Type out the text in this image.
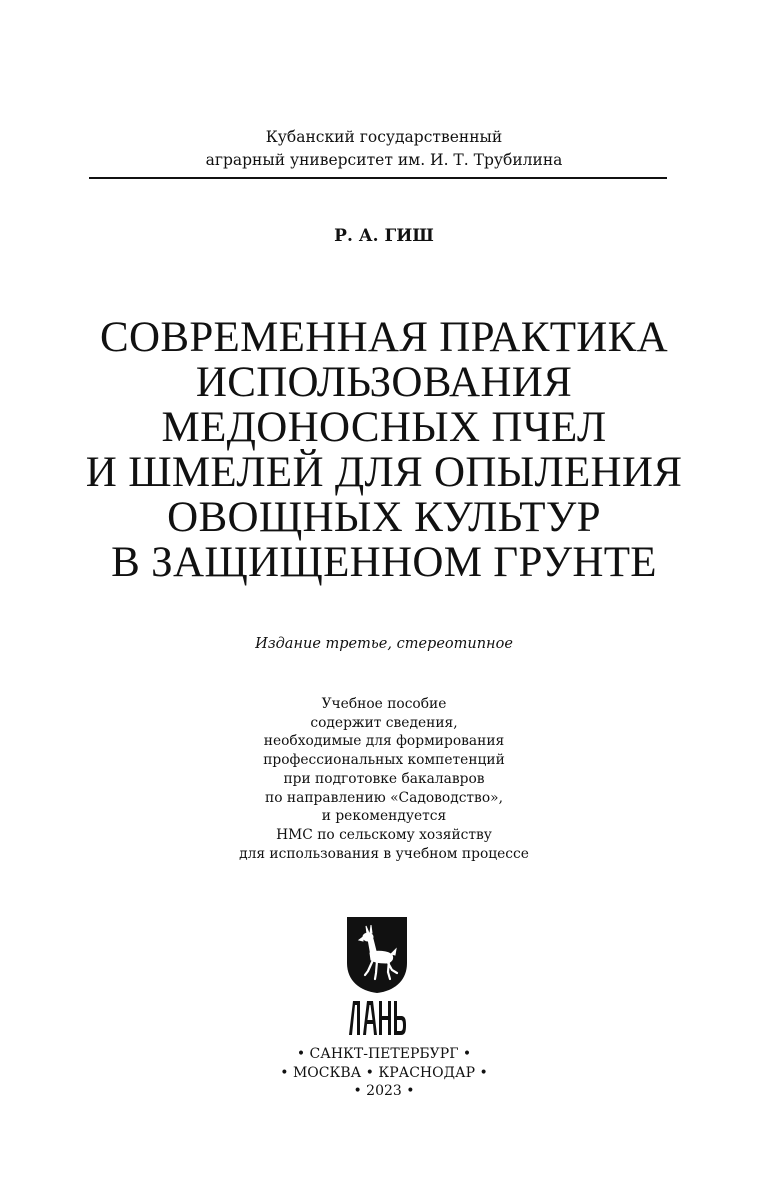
Кубанский государственный
аграрный университет им. И. Т. Трубилина
Р. А. ГИШ
СОВРЕМЕННАЯ ПРАКТИКА
ИСПОЛЬЗОВАНИЯ
МЕДОНОСНЫХ ПЧЕЛ
И ШМЕЛЕЙ ДЛЯ ОПЫЛЕНИЯ
ОВОЩНЫХ КУЛЬТУР
В ЗАЩИЩЕННОМ ГРУНТЕ
Издание третье, стереотипное
Учебное пособие
содержит сведения,
необходимые для формирования
профессиональных компетенций
при подготовке бакалавров
по направлению «Садоводство»,
и рекомендуется
НМС по сельскому хозяйству
для использования в учебном процессе
• САНКТ-ПЕТЕРБУРГ •
• МОСКВА • КРАСНОДАР •
• 2023 •
